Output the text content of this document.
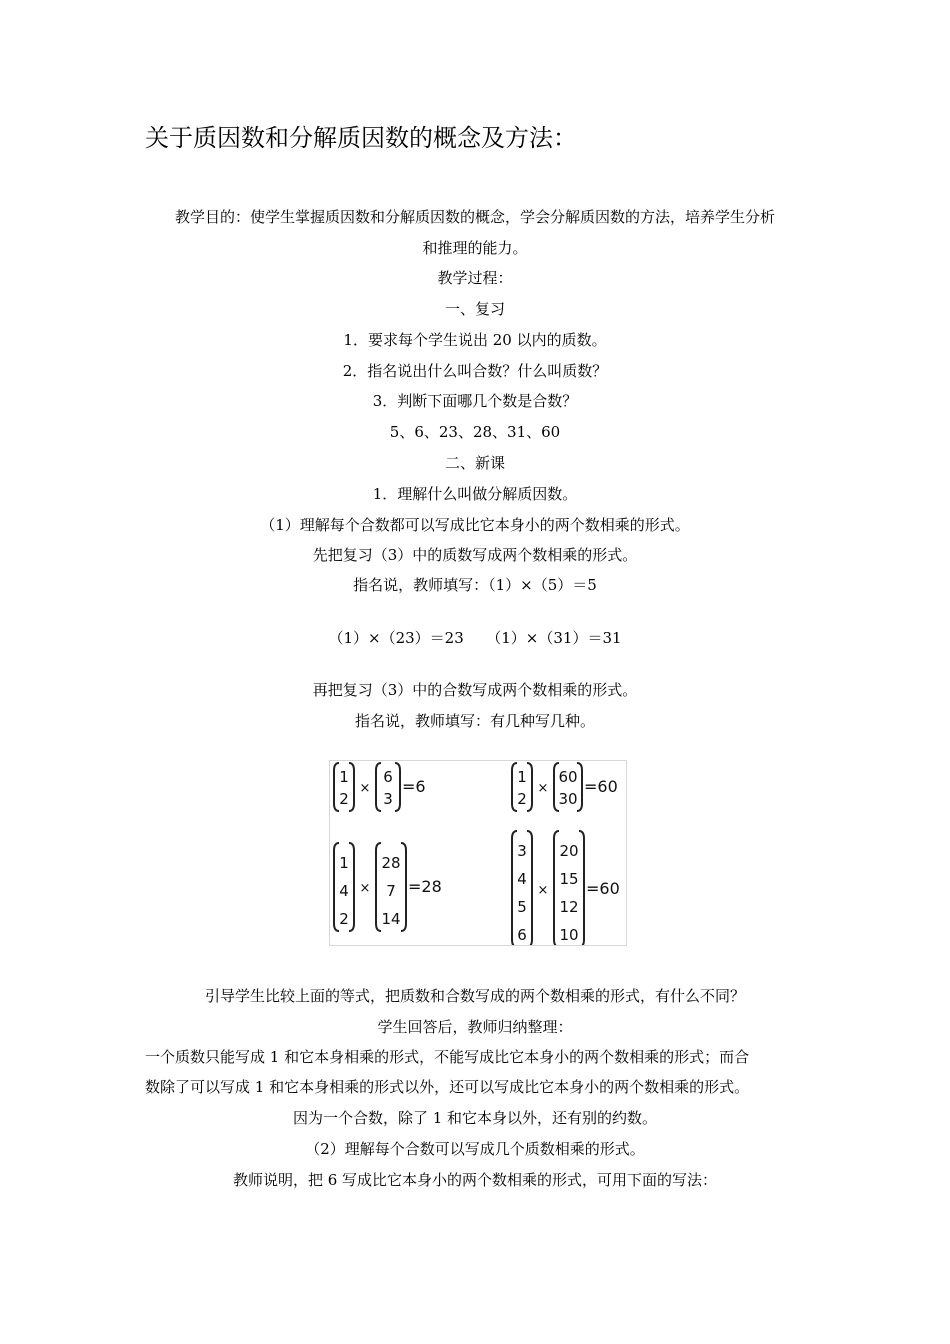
关于质因数和分解质因数的概念及方法：
教学目的：使学生掌握质因数和分解质因数的概念，学会分解质因数的方法，培养学生分析
和推理的能力。
教学过程：
一、复习
1．要求每个学生说出 20 以内的质数。
2．指名说出什么叫合数？什么叫质数？
3．判断下面哪几个数是合数？
5、6、23、28、31、60
二、新课
1．理解什么叫做分解质因数。
（1）理解每个合数都可以写成比它本身小的两个数相乘的形式。
先把复习（3）中的质数写成两个数相乘的形式。
指名说，教师填写：（1）×（5）＝5
（1）×（23）＝23　　（1）×（31）＝31
再把复习（3）中的合数写成两个数相乘的形式。
指名说，教师填写：有几种写几种。
1
2
×
6
3
=6	1
2
×
60
30
=60
1
4
2
×
28
7
14
=28
3
4
5
6
×
20
15
12
10
=60
引导学生比较上面的等式，把质数和合数写成的两个数相乘的形式，有什么不同？
学生回答后，教师归纳整理：
一个质数只能写成 1 和它本身相乘的形式，不能写成比它本身小的两个数相乘的形式；而合
数除了可以写成 1 和它本身相乘的形式以外，还可以写成比它本身小的两个数相乘的形式。
因为一个合数，除了 1 和它本身以外，还有别的约数。
（2）理解每个合数可以写成几个质数相乘的形式。
教师说明，把 6 写成比它本身小的两个数相乘的形式，可用下面的写法：
